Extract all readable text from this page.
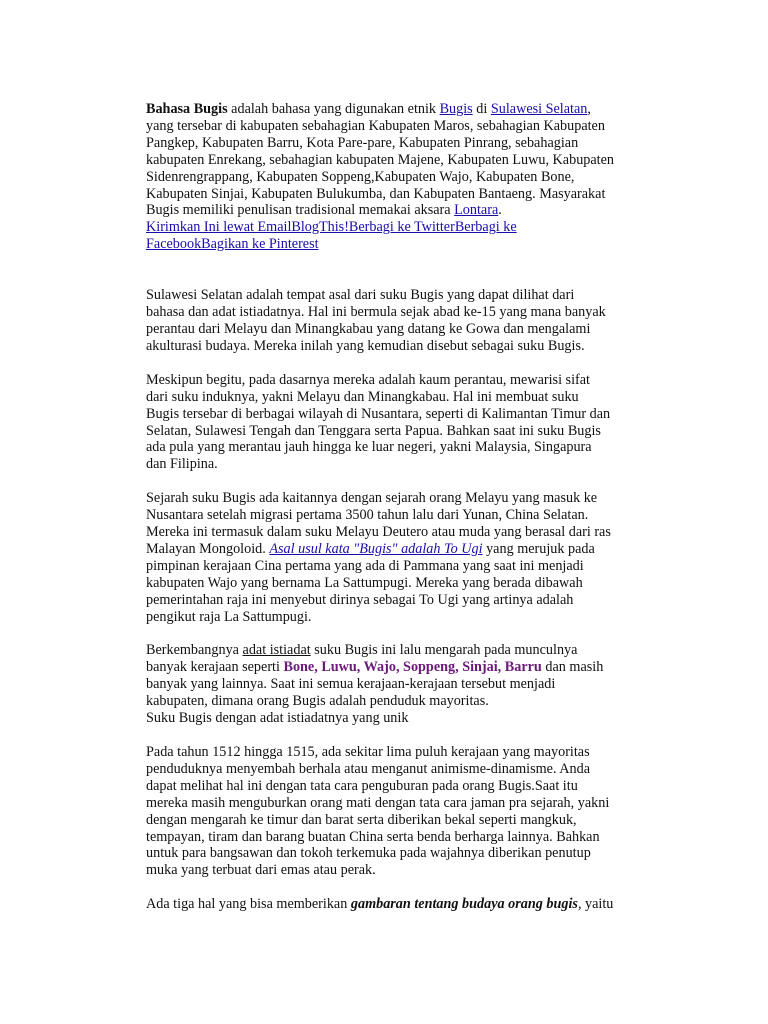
Bahasa Bugis adalah bahasa yang digunakan etnik Bugis di Sulawesi Selatan,
yang tersebar di kabupaten sebahagian Kabupaten Maros, sebahagian Kabupaten
Pangkep, Kabupaten Barru, Kota Pare-pare, Kabupaten Pinrang, sebahagian
kabupaten Enrekang, sebahagian kabupaten Majene, Kabupaten Luwu, Kabupaten
Sidenrengrappang, Kabupaten Soppeng,Kabupaten Wajo, Kabupaten Bone,
Kabupaten Sinjai, Kabupaten Bulukumba, dan Kabupaten Bantaeng. Masyarakat
Bugis memiliki penulisan tradisional memakai aksara Lontara.
Kirimkan Ini lewat EmailBlogThis!Berbagi ke TwitterBerbagi ke
FacebookBagikan ke Pinterest

Sulawesi Selatan adalah tempat asal dari suku Bugis yang dapat dilihat dari
bahasa dan adat istiadatnya. Hal ini bermula sejak abad ke-15 yang mana banyak
perantau dari Melayu dan Minangkabau yang datang ke Gowa dan mengalami
akulturasi budaya. Mereka inilah yang kemudian disebut sebagai suku Bugis.

Meskipun begitu, pada dasarnya mereka adalah kaum perantau, mewarisi sifat
dari suku induknya, yakni Melayu dan Minangkabau. Hal ini membuat suku
Bugis tersebar di berbagai wilayah di Nusantara, seperti di Kalimantan Timur dan
Selatan, Sulawesi Tengah dan Tenggara serta Papua. Bahkan saat ini suku Bugis
ada pula yang merantau jauh hingga ke luar negeri, yakni Malaysia, Singapura
dan Filipina.

Sejarah suku Bugis ada kaitannya dengan sejarah orang Melayu yang masuk ke
Nusantara setelah migrasi pertama 3500 tahun lalu dari Yunan, China Selatan.
Mereka ini termasuk dalam suku Melayu Deutero atau muda yang berasal dari ras
Malayan Mongoloid. Asal usul kata "Bugis" adalah To Ugi yang merujuk pada
pimpinan kerajaan Cina pertama yang ada di Pammana yang saat ini menjadi
kabupaten Wajo yang bernama La Sattumpugi. Mereka yang berada dibawah
pemerintahan raja ini menyebut dirinya sebagai To Ugi yang artinya adalah
pengikut raja La Sattumpugi.

Berkembangnya adat istiadat suku Bugis ini lalu mengarah pada munculnya
banyak kerajaan seperti Bone, Luwu, Wajo, Soppeng, Sinjai, Barru dan masih
banyak yang lainnya. Saat ini semua kerajaan-kerajaan tersebut menjadi
kabupaten, dimana orang Bugis adalah penduduk mayoritas.
Suku Bugis dengan adat istiadatnya yang unik

Pada tahun 1512 hingga 1515, ada sekitar lima puluh kerajaan yang mayoritas
penduduknya menyembah berhala atau menganut animisme-dinamisme. Anda
dapat melihat hal ini dengan tata cara penguburan pada orang Bugis.Saat itu
mereka masih menguburkan orang mati dengan tata cara jaman pra sejarah, yakni
dengan mengarah ke timur dan barat serta diberikan bekal seperti mangkuk,
tempayan, tiram dan barang buatan China serta benda berharga lainnya. Bahkan
untuk para bangsawan dan tokoh terkemuka pada wajahnya diberikan penutup
muka yang terbuat dari emas atau perak.

Ada tiga hal yang bisa memberikan gambaran tentang budaya orang bugis, yaitu
